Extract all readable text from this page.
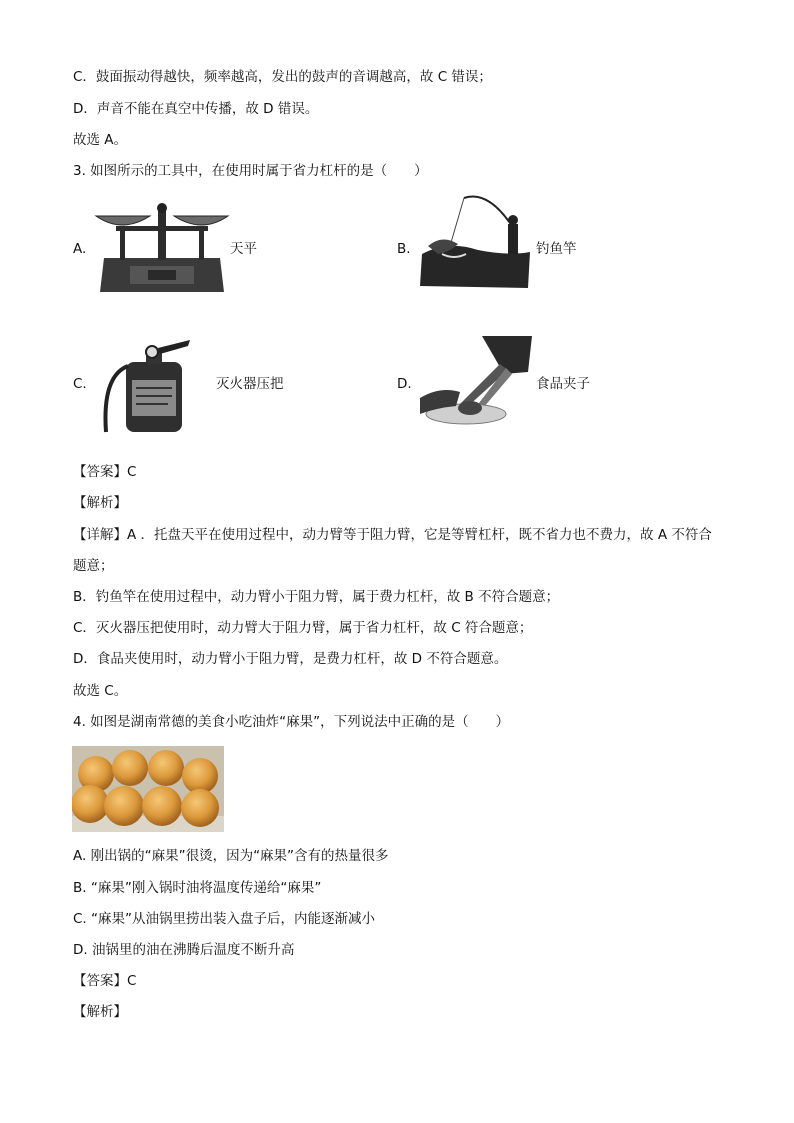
C．鼓面振动得越快，频率越高，发出的鼓声的音调越高，故 C 错误；
D．声音不能在真空中传播，故 D 错误。
故选 A。
3. 如图所示的工具中，在使用时属于省力杠杆的是（　　）
A.	天平	B.	钓鱼竿
C.	灭火器压把	D.	食品夹子
【答案】C
【解析】
【详解】A ．托盘天平在使用过程中，动力臂等于阻力臂，它是等臂杠杆，既不省力也不费力，故 A 不符合题意；
B．钓鱼竿在使用过程中，动力臂小于阻力臂，属于费力杠杆，故 B 不符合题意；
C．灭火器压把使用时，动力臂大于阻力臂，属于省力杠杆，故 C 符合题意；
D．食品夹使用时，动力臂小于阻力臂，是费力杠杆，故 D 不符合题意。
故选 C。
4. 如图是湖南常德的美食小吃油炸“麻果”，下列说法中正确的是（　　）
A. 刚出锅的“麻果”很烫，因为“麻果”含有的热量很多
B. “麻果”刚入锅时油将温度传递给“麻果”
C. “麻果”从油锅里捞出装入盘子后，内能逐渐减小
D. 油锅里的油在沸腾后温度不断升高
【答案】C
【解析】
